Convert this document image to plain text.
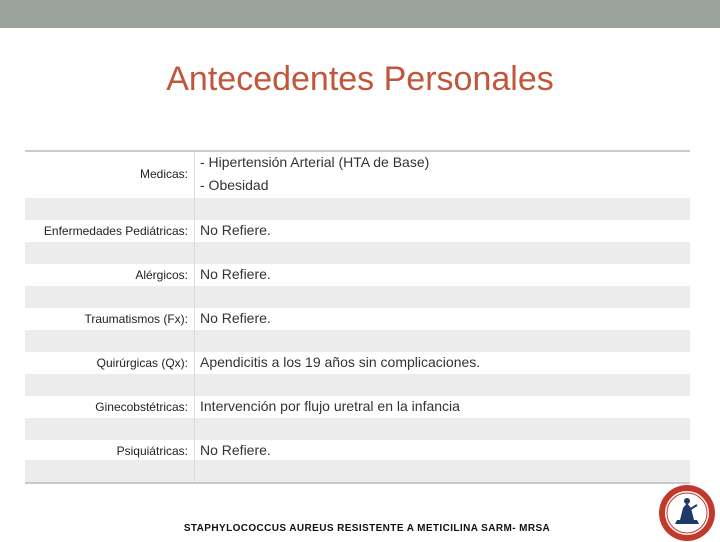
Antecedentes Personales
Medicas:
- Hipertensión Arterial (HTA de Base)
- Obesidad
Enfermedades Pediátricas: No Refiere.
Alérgicos: No Refiere.
Traumatismos (Fx): No Refiere.
Quirúrgicas (Qx): Apendicitis a los 19 años sin complicaciones.
Ginecobstétricas: Intervención por flujo uretral en la infancia
Psiquiátricas: No Refiere.
STAPHYLOCOCCUS AUREUS RESISTENTE A METICILINA SARM- MRSA
